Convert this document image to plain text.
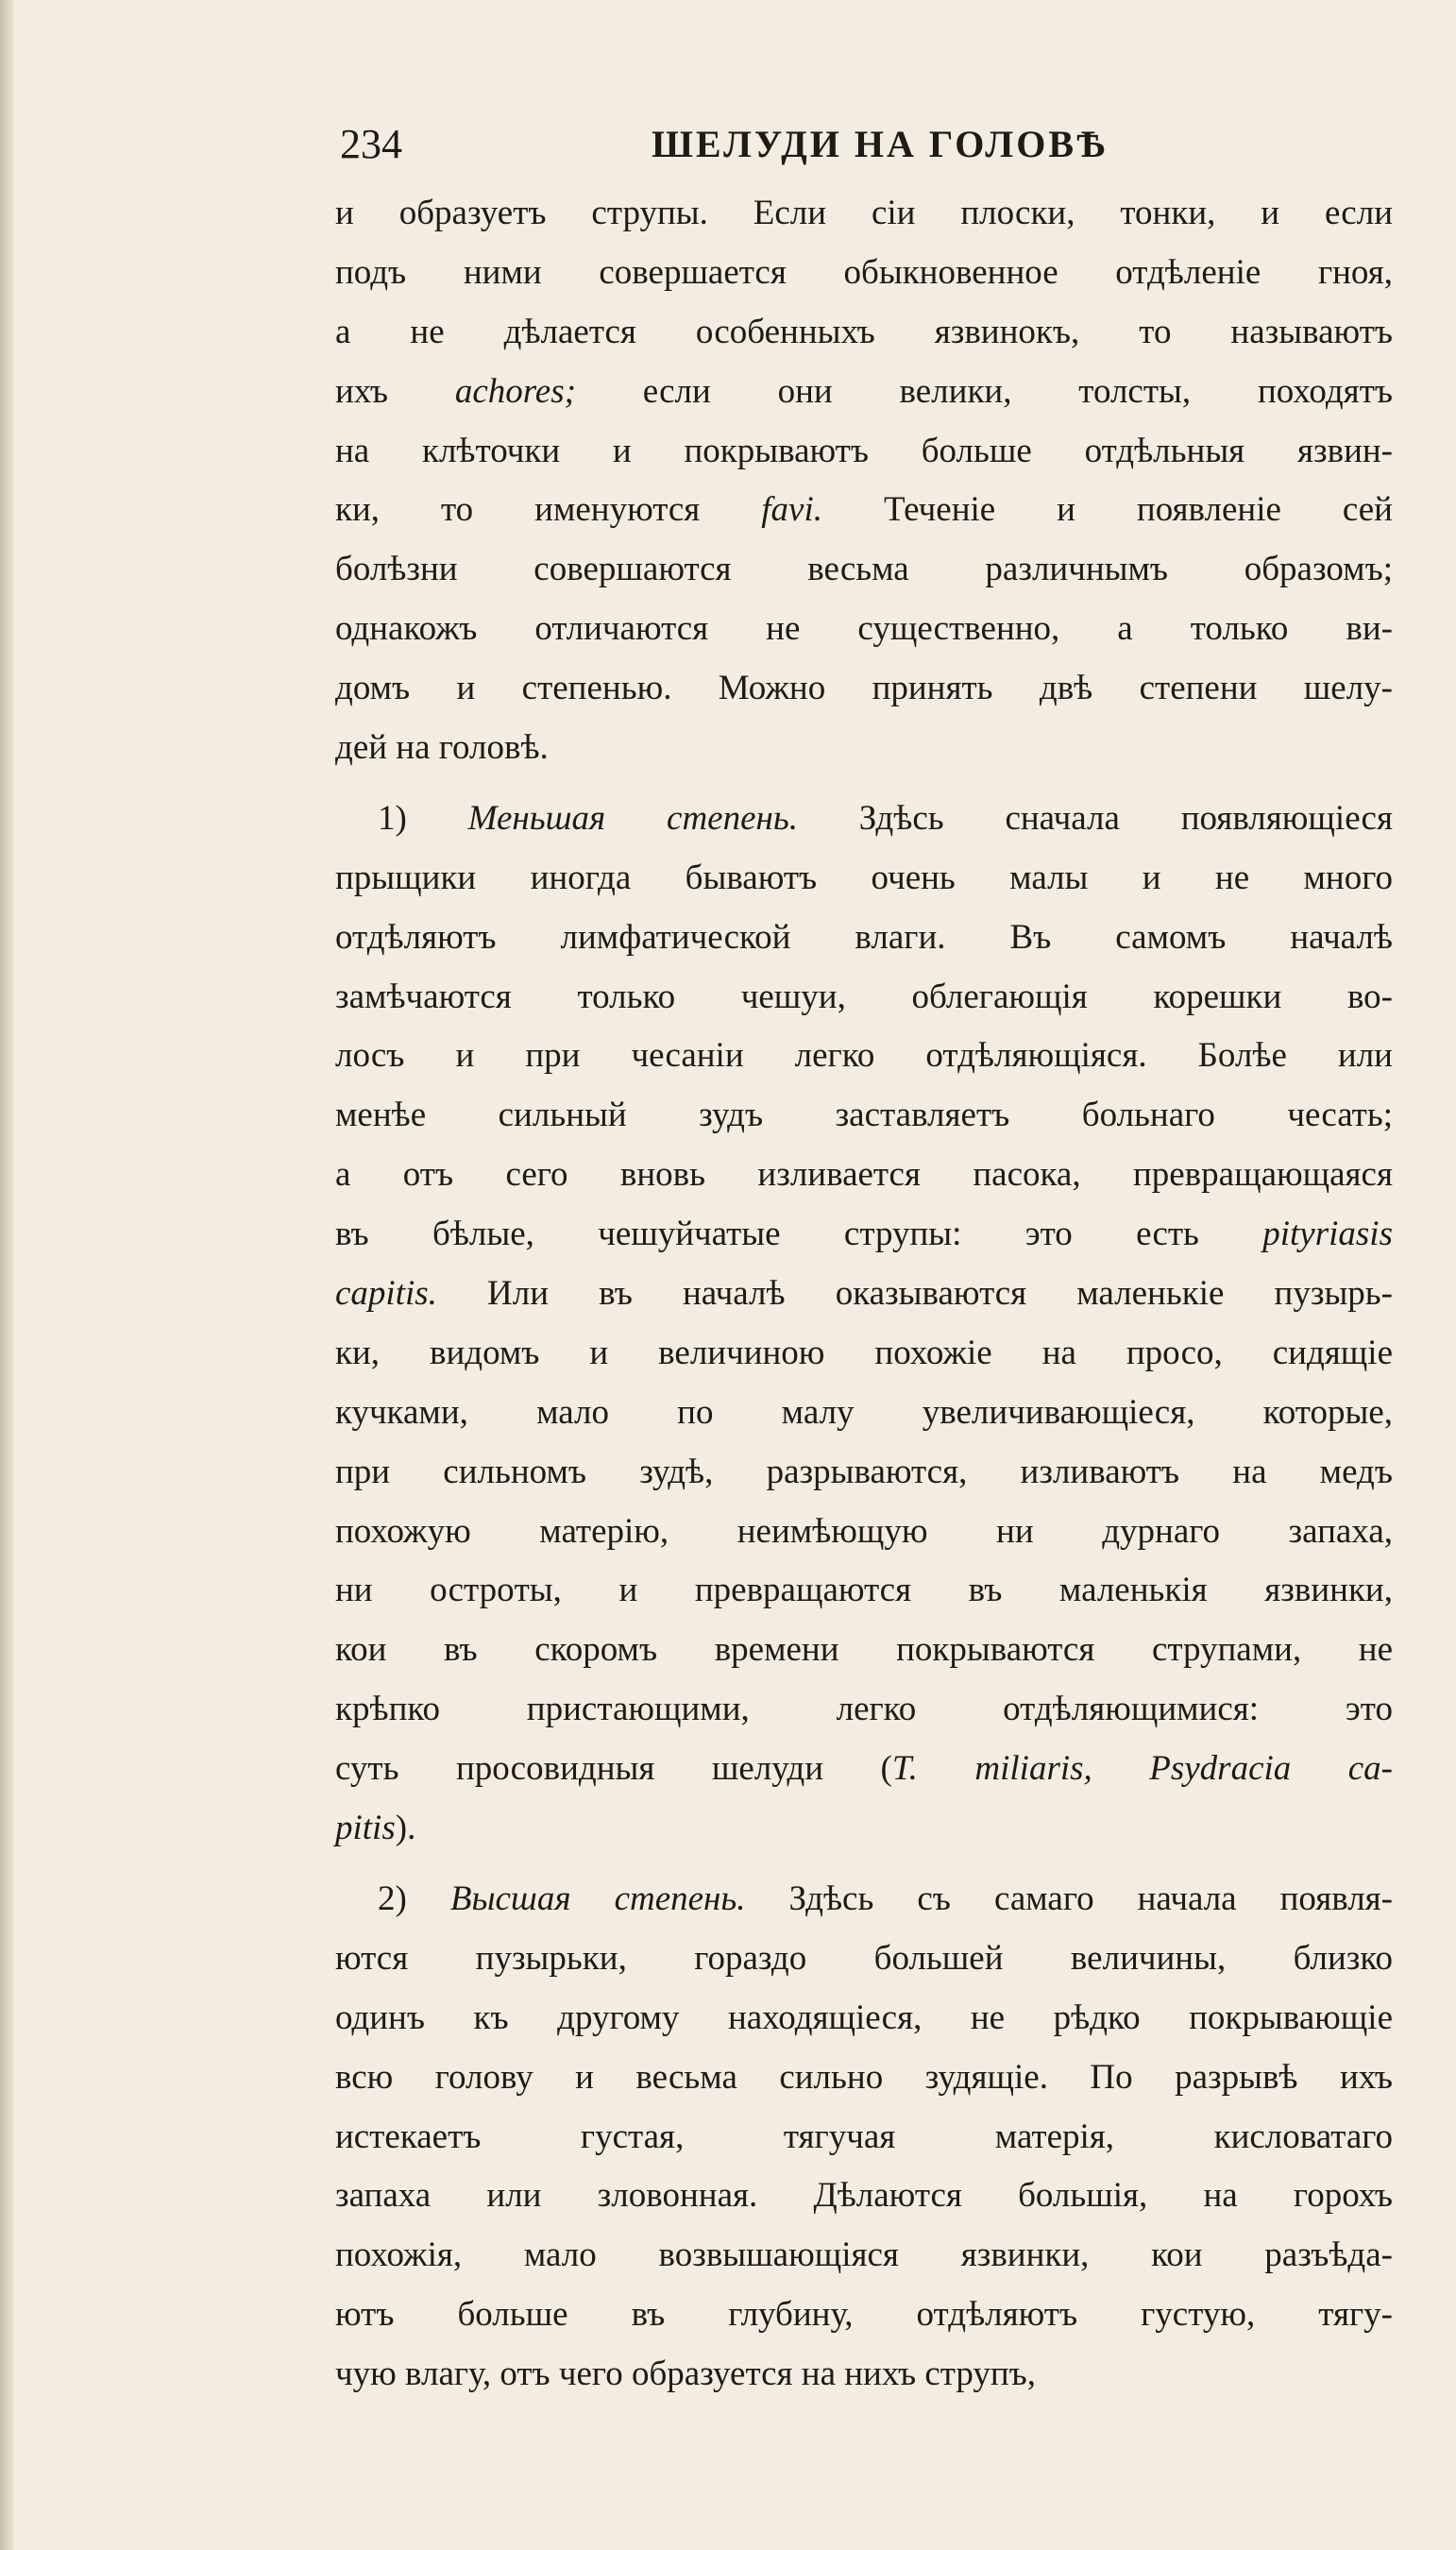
234	ШЕЛУДИ НА ГОЛОВѢ
и образуетъ струпы. Если сіи плоски, тонки, и если
подъ ними совершается обыкновенное отдѣленіе гноя,
а не дѣлается особенныхъ язвинокъ, то называютъ
ихъ achores; если они велики, толсты, походятъ
на клѣточки и покрываютъ больше отдѣльныя язвин-
ки, то именуются favi. Теченіе и появленіе сей
болѣзни совершаются весьма различнымъ образомъ;
однакожъ отличаются не существенно, а только ви-
домъ и степенью. Можно принять двѣ степени шелу-
дей на головѣ.
1) Меньшая степень. Здѣсь сначала появляющіеся
прыщики иногда бываютъ очень малы и не много
отдѣляютъ лимфатической влаги. Въ самомъ началѣ
замѣчаются только чешуи, облегающія корешки во-
лосъ и при чесаніи легко отдѣляющіяся. Болѣе или
менѣе сильный зудъ заставляетъ больнаго чесать;
а отъ сего вновь изливается пасока, превращающаяся
въ бѣлые, чешуйчатые струпы: это есть pityriasis
capitis. Или въ началѣ оказываются маленькіе пузырь-
ки, видомъ и величиною похожіе на просо, сидящіе
кучками, мало по малу увеличивающіеся, которые,
при сильномъ зудѣ, разрываются, изливаютъ на медъ
похожую матерію, неимѣющую ни дурнаго запаха,
ни острoты, и превращаются въ маленькія язвинки,
кои въ скоромъ времени покрываются струпами, не
крѣпко пристающими, легко отдѣляющимися: это
суть просовидныя шелуди (T. miliaris, Psydracia ca-
pitis).
2) Высшая степень. Здѣсь съ самаго начала появля-
ются пузырьки, гораздо большей величины, близко
одинъ къ другому находящіеся, не рѣдко покрывающіе
всю голову и весьма сильно зудящіе. По разрывѣ ихъ
истекаетъ густая, тягучая матерія, кисловатаго
запаха или зловонная. Дѣлаются большія, на горохъ
похожія, мало возвышающіяся язвинки, кои разъѣда-
ютъ больше въ глубину, отдѣляютъ густую, тягу-
чую влагу, отъ чего образуется на нихъ струпъ,
